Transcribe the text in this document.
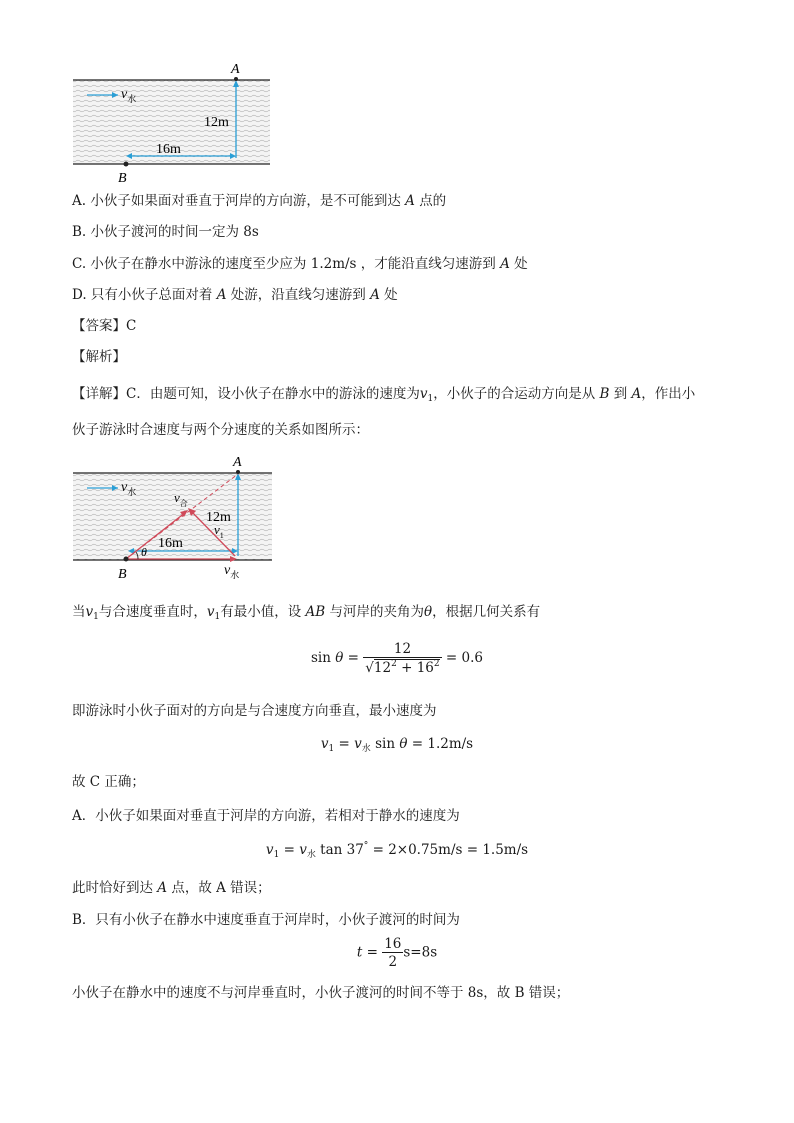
A
B
$v_水$
12m
16m
A. 小伙子如果面对垂直于河岸的方向游，是不可能到达 A 点的
B. 小伙子渡河的时间一定为 8s
C. 小伙子在静水中游泳的速度至少应为 1.2m/s ，才能沿直线匀速游到 A 处
D. 只有小伙子总面对着 A 处游，沿直线匀速游到 A 处
【答案】C
【解析】
【详解】C．由题可知，设小伙子在静水中的游泳的速度为$v_1$，小伙子的合运动方向是从 B 到 A，作出小
伙子游泳时合速度与两个分速度的关系如图所示：
A
B
$v_水$	$v_合$
12m
$v_1$
16m
θ
$v_水$
当$v_1$与合速度垂直时，$v_1$有最小值，设 AB 与河岸的夹角为θ，根据几何关系有
$\sin \theta = \frac{12}{√12^2 + 16^2} = 0.6$
即游泳时小伙子面对的方向是与合速度方向垂直，最小速度为
$v_1 = v_水$ sin θ = 1.2m/s
故 C 正确；
A．小伙子如果面对垂直于河岸的方向游，若相对于静水的速度为
$v_1 = v_水$ tan 37° = 2×0.75m/s = 1.5m/s
此时恰好到达 A 点，故 A 错误；
B．只有小伙子在静水中速度垂直于河岸时，小伙子渡河的时间为
$t = \frac{16}{2} s=8s$
小伙子在静水中的速度不与河岸垂直时，小伙子渡河的时间不等于 8s，故 B 错误；
